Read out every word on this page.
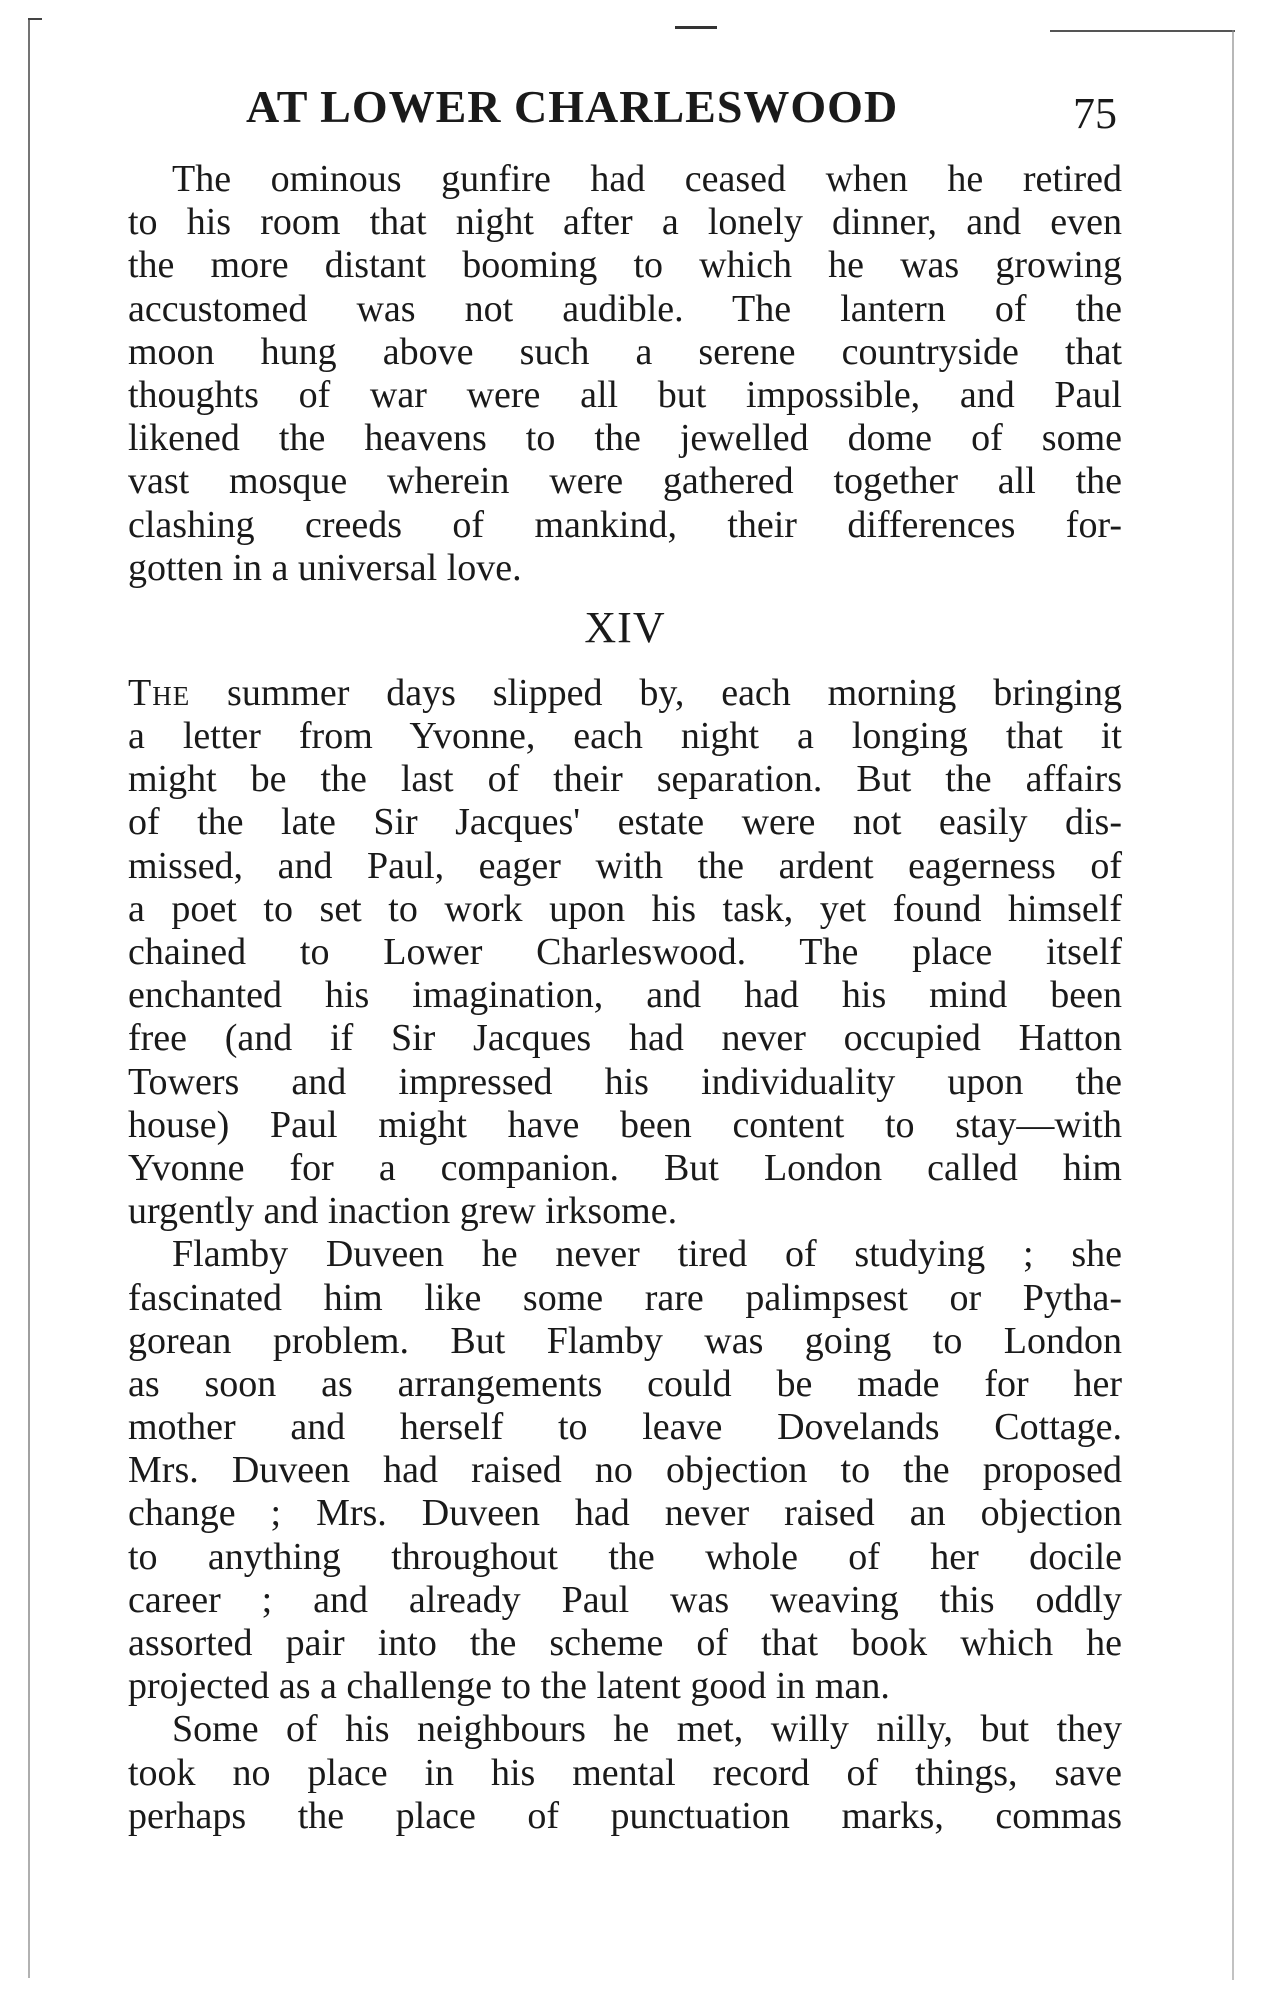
AT LOWER CHARLESWOOD	75
The ominous gunfire had ceased when he retired
to his room that night after a lonely dinner, and even
the more distant booming to which he was growing
accustomed was not audible. The lantern of the
moon hung above such a serene countryside that
thoughts of war were all but impossible, and Paul
likened the heavens to the jewelled dome of some
vast mosque wherein were gathered together all the
clashing creeds of mankind, their differences for-
gotten in a universal love.
XIV
The summer days slipped by, each morning bringing
a letter from Yvonne, each night a longing that it
might be the last of their separation. But the affairs
of the late Sir Jacques' estate were not easily dis-
missed, and Paul, eager with the ardent eagerness of
a poet to set to work upon his task, yet found himself
chained to Lower Charleswood. The place itself
enchanted his imagination, and had his mind been
free (and if Sir Jacques had never occupied Hatton
Towers and impressed his individuality upon the
house) Paul might have been content to stay—with
Yvonne for a companion. But London called him
urgently and inaction grew irksome.
Flamby Duveen he never tired of studying ; she
fascinated him like some rare palimpsest or Pytha-
gorean problem. But Flamby was going to London
as soon as arrangements could be made for her
mother and herself to leave Dovelands Cottage.
Mrs. Duveen had raised no objection to the proposed
change ; Mrs. Duveen had never raised an objection
to anything throughout the whole of her docile
career ; and already Paul was weaving this oddly
assorted pair into the scheme of that book which he
projected as a challenge to the latent good in man.
Some of his neighbours he met, willy nilly, but they
took no place in his mental record of things, save
perhaps the place of punctuation marks, commas
